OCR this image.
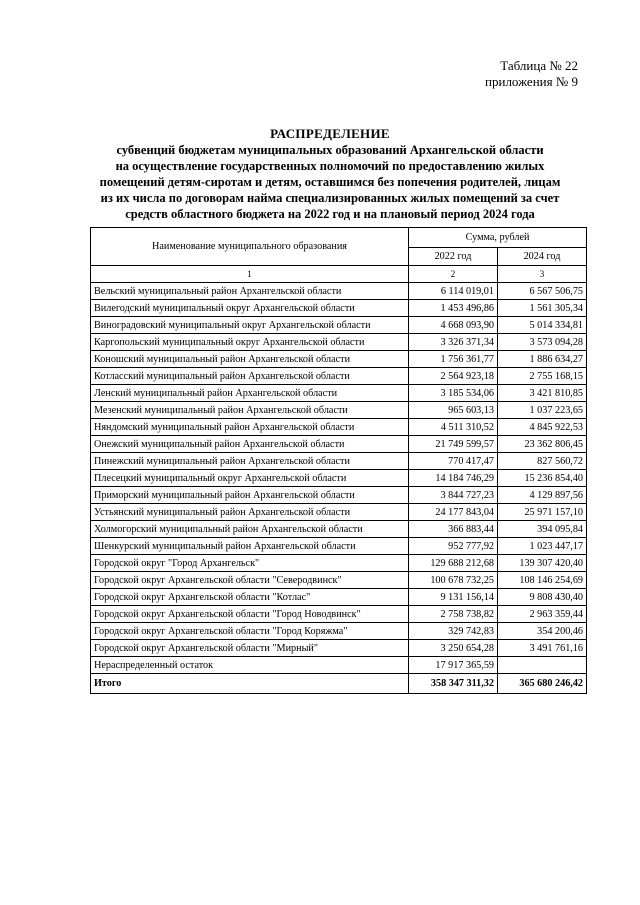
Таблица № 22
приложения № 9
РАСПРЕДЕЛЕНИЕ
субвенций бюджетам муниципальных образований Архангельской области
на осуществление государственных полномочий по предоставлению жилых
помещений детям-сиротам и детям, оставшимся без попечения родителей, лицам
из их числа по договорам найма специализированных жилых помещений за счет
средств областного бюджета на 2022 год и на плановый период 2024 года
Наименование муниципального образования	Сумма, рублей	
	2022 год	2024 год
1	2	3
Вельский муниципальный район Архангельской области	6 114 019,01	6 567 506,75
Вилегодский муниципальный округ Архангельской области	1 453 496,86	1 561 305,34
Виноградовский муниципальный округ Архангельской области	4 668 093,90	5 014 334,81
Каргопольский муниципальный округ Архангельской области	3 326 371,34	3 573 094,28
Коношский муниципальный район Архангельской области	1 756 361,77	1 886 634,27
Котласский муниципальный район Архангельской области	2 564 923,18	2 755 168,15
Ленский муниципальный район Архангельской области	3 185 534,06	3 421 810,85
Мезенский муниципальный район Архангельской области	965 603,13	1 037 223,65
Няндомский муниципальный район Архангельской области	4 511 310,52	4 845 922,53
Онежский муниципальный район Архангельской области	21 749 599,57	23 362 806,45
Пинежский муниципальный район Архангельской области	770 417,47	827 560,72
Плесецкий муниципальный округ Архангельской области	14 184 746,29	15 236 854,40
Приморский муниципальный район Архангельской области	3 844 727,23	4 129 897,56
Устьянский муниципальный район Архангельской области	24 177 843,04	25 971 157,10
Холмогорский муниципальный район Архангельской области	366 883,44	394 095,84
Шенкурский муниципальный район Архангельской области	952 777,92	1 023 447,17
Городской округ "Город Архангельск"	129 688 212,68	139 307 420,40
Городской округ Архангельской области "Северодвинск"	100 678 732,25	108 146 254,69
Городской округ Архангельской области "Котлас"	9 131 156,14	9 808 430,40
Городской округ Архангельской области "Город Новодвинск"	2 758 738,82	2 963 359,44
Городской округ Архангельской области "Город Коряжма"	329 742,83	354 200,46
Городской округ Архангельской области "Мирный"	3 250 654,28	3 491 761,16
Нераспределенный остаток	17 917 365,59	
Итого	358 347 311,32	365 680 246,42
